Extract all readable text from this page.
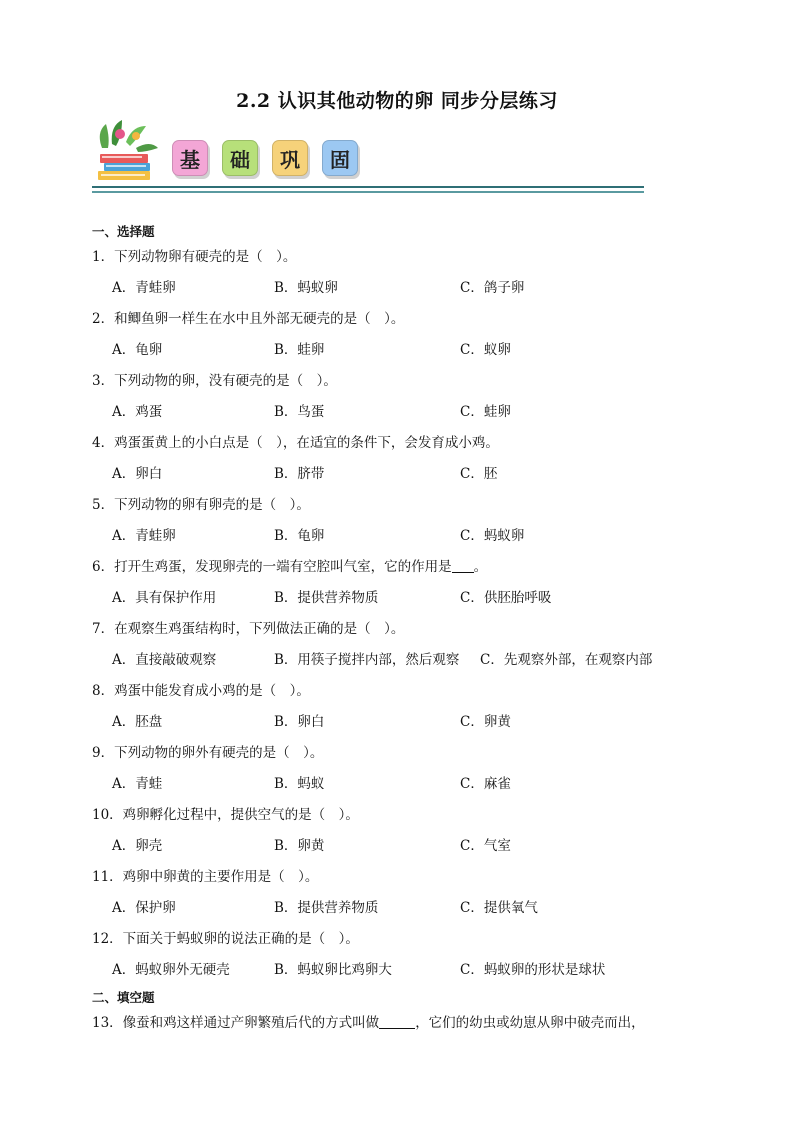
2.2 认识其他动物的卵 同步分层练习
基 础 巩 固
一、选择题
1．下列动物卵有硬壳的是（　）。
A．青蛙卵	B．蚂蚁卵	C．鸽子卵
2．和鲫鱼卵一样生在水中且外部无硬壳的是（　）。
A．龟卵	B．蛙卵	C．蚁卵
3．下列动物的卵，没有硬壳的是（　）。
A．鸡蛋	B．鸟蛋	C．蛙卵
4．鸡蛋蛋黄上的小白点是（　），在适宜的条件下，会发育成小鸡。
A．卵白	B．脐带	C．胚
5．下列动物的卵有卵壳的是（　）。
A．青蛙卵	B．龟卵	C．蚂蚁卵
6．打开生鸡蛋，发现卵壳的一端有空腔叫气室，它的作用是 。
A．具有保护作用	B．提供营养物质	C．供胚胎呼吸
7．在观察生鸡蛋结构时，下列做法正确的是（　）。
A．直接敲破观察	B．用筷子搅拌内部，然后观察 C．先观察外部，在观察内部
8．鸡蛋中能发育成小鸡的是（　）。
A．胚盘	B．卵白	C．卵黄
9．下列动物的卵外有硬壳的是（　）。
A．青蛙	B．蚂蚁	C．麻雀
10．鸡卵孵化过程中，提供空气的是（　）。
A．卵壳	B．卵黄	C．气室
11．鸡卵中卵黄的主要作用是（　）。
A．保护卵	B．提供营养物质	C．提供氧气
12．下面关于蚂蚁卵的说法正确的是（　）。
A．蚂蚁卵外无硬壳	B．蚂蚁卵比鸡卵大	C．蚂蚁卵的形状是球状
二、填空题
13．像蚕和鸡这样通过产卵繁殖后代的方式叫做	，它们的幼虫或幼崽从卵中破壳而出，
